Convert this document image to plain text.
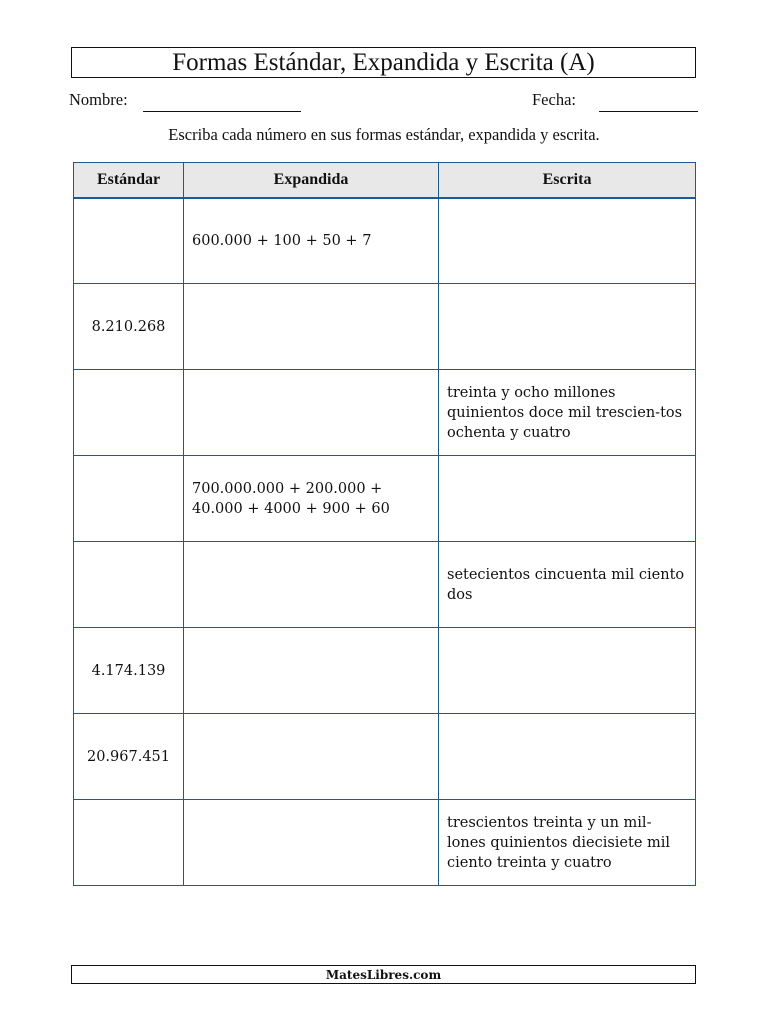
Formas Estándar, Expandida y Escrita (A)
Nombre:	Fecha:
Escriba cada número en sus formas estándar, expandida y escrita.
Estándar	Expandida	Escrita
	600.000 + 100 + 50 + 7	
8.210.268		
		treinta y ocho millones quinientos doce mil trescien-tos ochenta y cuatro
	700.000.000 + 200.000 + 40.000 + 4000 + 900 + 60	
		setecientos cincuenta mil ciento dos
4.174.139		
20.967.451		
		trescientos treinta y un mil-lones quinientos diecisiete mil ciento treinta y cuatro
MatesLibres.com
